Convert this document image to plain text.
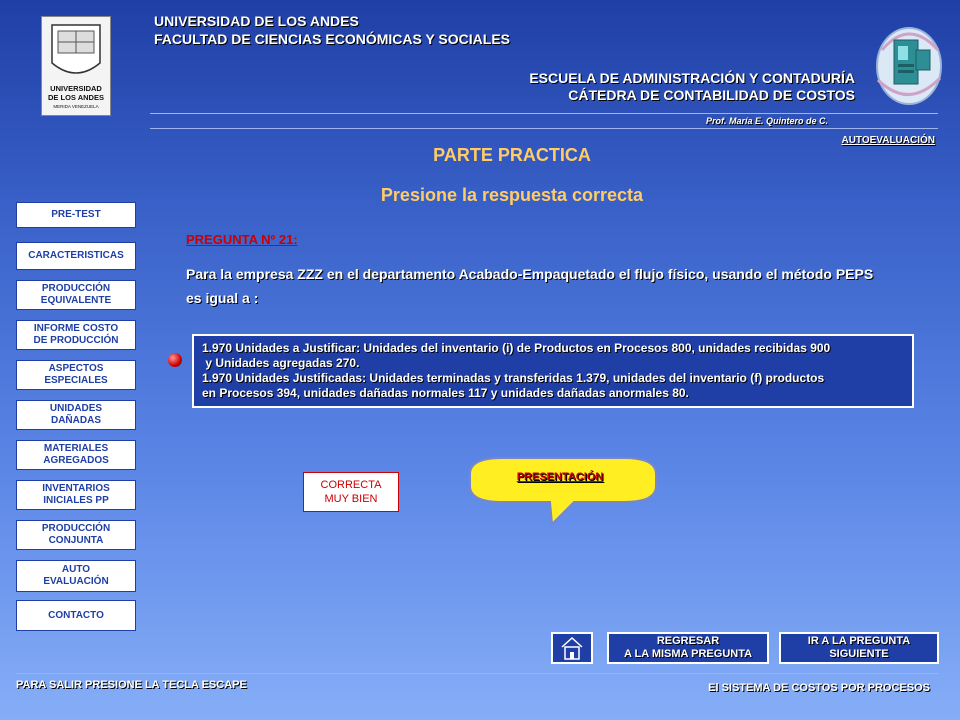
UNIVERSIDAD
DE LOS ANDES
MERIDA VENEZUELA
UNIVERSIDAD DE LOS ANDES
FACULTAD DE CIENCIAS ECONÓMICAS Y SOCIALES
ESCUELA DE ADMINISTRACIÓN Y CONTADURÍA
CÁTEDRA DE CONTABILIDAD DE COSTOS
Prof. María E. Quintero de C.
AUTOEVALUACIÓN
PARTE PRACTICA
Presione la respuesta correcta
PRE-TEST
CARACTERISTICAS
PRODUCCIÓN
EQUIVALENTE
INFORME COSTO
DE PRODUCCIÓN
ASPECTOS
ESPECIALES
UNIDADES
DAÑADAS
MATERIALES
AGREGADOS
INVENTARIOS
INICIALES PP
PRODUCCIÓN
CONJUNTA
AUTO
EVALUACIÓN
CONTACTO
PREGUNTA Nº 21:
Para la empresa ZZZ en el departamento Acabado-Empaquetado el flujo físico, usando el método PEPS es igual a :
1.970 Unidades a Justificar: Unidades del inventario (i) de Productos en Procesos 800, unidades recibidas 900
y Unidades agregadas 270.
1.970 Unidades Justificadas: Unidades terminadas y transferidas 1.379, unidades del inventario (f) productos
en Procesos 394, unidades dañadas normales 117 y unidades dañadas anormales 80.
CORRECTA
MUY BIEN
PRESENTACIÓN
REGRESAR
A LA MISMA PREGUNTA
IR A LA PREGUNTA
SIGUIENTE
PARA SALIR PRESIONE LA TECLA ESCAPE	El SISTEMA DE COSTOS POR PROCESOS
